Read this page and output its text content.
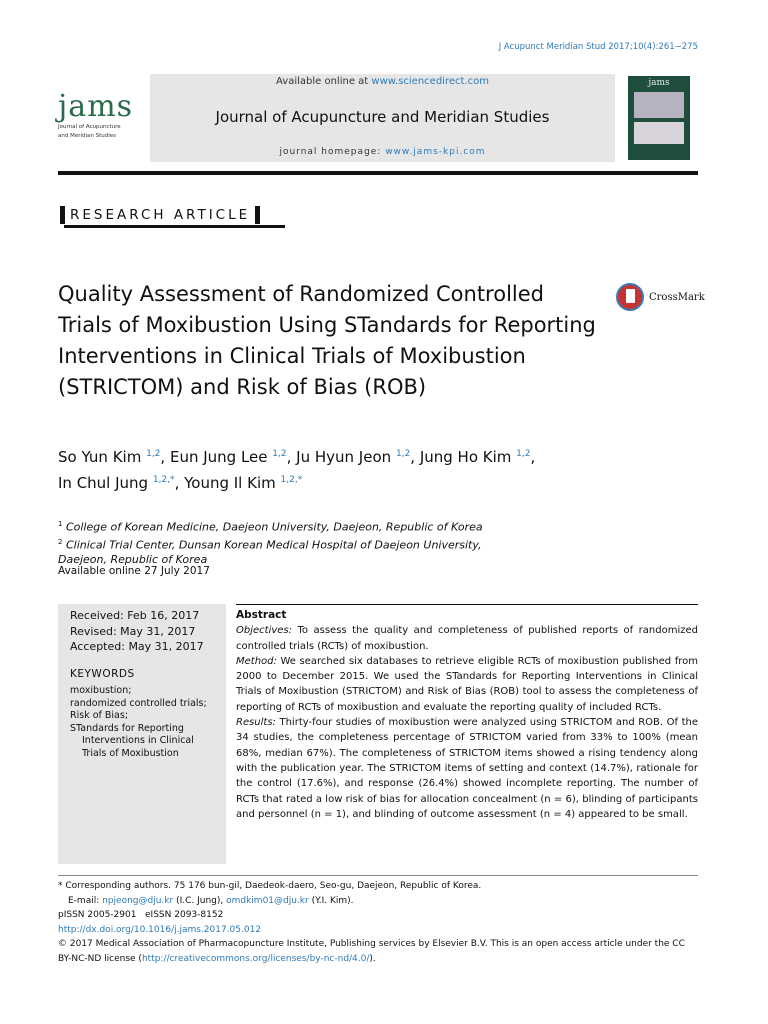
J Acupunct Meridian Stud 2017;10(4):261−275
jams
Journal of Acupuncture
and Meridian Studies
Available online at www.sciencedirect.com
Journal of Acupuncture and Meridian Studies
journal homepage: www.jams-kpi.com
jams
RESEARCH ARTICLE
Quality Assessment of Randomized Controlled Trials of Moxibustion Using STandards for Reporting Interventions in Clinical Trials of Moxibustion (STRICTOM) and Risk of Bias (ROB)
CrossMark
So Yun Kim $^{1,2}$, Eun Jung Lee $^{1,2}$, Ju Hyun Jeon $^{1,2}$, Jung Ho Kim $^{1,2}$,
In Chul Jung $^{1,2,*}$, Young Il Kim $^{1,2,*}$
$^1$ College of Korean Medicine, Daejeon University, Daejeon, Republic of Korea
$^2$ Clinical Trial Center, Dunsan Korean Medical Hospital of Daejeon University,
Daejeon, Republic of Korea
Available online 27 July 2017
Received: Feb 16, 2017
Revised: May 31, 2017
Accepted: May 31, 2017
KEYWORDS
moxibustion;
randomized controlled trials;
Risk of Bias;
STandards for Reporting Interventions in Clinical Trials of Moxibustion
Abstract
Objectives: To assess the quality and completeness of published reports of randomized controlled trials (RCTs) of moxibustion.
Method: We searched six databases to retrieve eligible RCTs of moxibustion published from 2000 to December 2015. We used the STandards for Reporting Interventions in Clinical Trials of Moxibustion (STRICTOM) and Risk of Bias (ROB) tool to assess the completeness of reporting of RCTs of moxibustion and evaluate the reporting quality of included RCTs.
Results: Thirty-four studies of moxibustion were analyzed using STRICTOM and ROB. Of the 34 studies, the completeness percentage of STRICTOM varied from 33% to 100% (mean 68%, median 67%). The completeness of STRICTOM items showed a rising tendency along with the publication year. The STRICTOM items of setting and context (14.7%), rationale for the control (17.6%), and response (26.4%) showed incomplete reporting. The number of RCTs that rated a low risk of bias for allocation concealment (n = 6), blinding of participants and personnel (n = 1), and blinding of outcome assessment (n = 4) appeared to be small.
* Corresponding authors. 75 176 bun-gil, Daedeok-daero, Seo-gu, Daejeon, Republic of Korea.
E-mail: npjeong@dju.kr (I.C. Jung), omdkim01@dju.kr (Y.I. Kim).
pISSN 2005-2901   eISSN 2093-8152
http://dx.doi.org/10.1016/j.jams.2017.05.012
© 2017 Medical Association of Pharmacopuncture Institute, Publishing services by Elsevier B.V. This is an open access article under the CC BY-NC-ND license (http://creativecommons.org/licenses/by-nc-nd/4.0/).
